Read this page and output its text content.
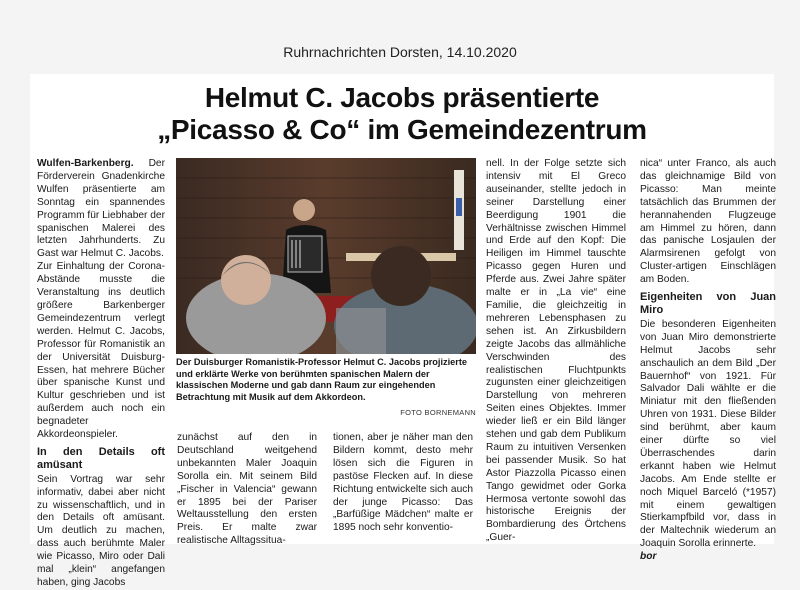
Ruhrnachrichten Dorsten, 14.10.2020
Helmut C. Jacobs präsentierte
„Picasso & Co“ im Gemeindezentrum

Wulfen-Barkenberg. Der Förderverein Gnadenkirche Wulfen präsentierte am Sonntag ein spannendes Programm für Liebhaber der spanischen Malerei des letzten Jahrhunderts. Zu Gast war Helmut C. Jacobs.

Zur Einhaltung der Corona-Abstände musste die Veranstaltung ins deutlich größere Barkenberger Gemeindezentrum verlegt werden. Helmut C. Jacobs, Professor für Romanistik an der Universität Duisburg-Essen, hat mehrere Bücher über spanische Kunst und Kultur geschrieben und ist außerdem auch noch ein begnadeter Akkordeonspieler.

In den Details oft amüsant

Sein Vortrag war sehr informativ, dabei aber nicht zu wissenschaftlich, und in den Details oft amüsant. Um deutlich zu machen, dass auch berühmte Maler wie Picasso, Miro oder Dali mal „klein“ angefangen haben, ging Jacobs

Der Duisburger Romanistik-Professor Helmut C. Jacobs projizierte und erklärte Werke von berühmten spanischen Malern der klassischen Moderne und gab dann Raum zur eingehenden Betrachtung mit Musik auf dem Akkordeon.
FOTO BORNEMANN
zunächst auf den in Deutschland weitgehend unbekannten Maler Joaquin Sorolla ein. Mit seinem Bild „Fischer in Valencia“ gewann er 1895 bei der Pariser Weltausstellung den ersten Preis. Er malte zwar realistische Alltagssitua-
tionen, aber je näher man den Bildern kommt, desto mehr lösen sich die Figuren in pastöse Flecken auf. In diese Richtung entwickelte sich auch der junge Picasso: Das „Barfüßige Mädchen“ malte er 1895 noch sehr konventio-
nell. In der Folge setzte sich intensiv mit El Greco auseinander, stellte jedoch in seiner Darstellung einer Beerdigung 1901 die Verhältnisse zwischen Himmel und Erde auf den Kopf: Die Heiligen im Himmel tauschte Picasso gegen Huren und Pferde aus. Zwei Jahre später malte er in „La vie“ eine Familie, die gleichzeitig in mehreren Lebensphasen zu sehen ist. An Zirkusbildern zeigte Jacobs das allmähliche Verschwinden des realistischen Fluchtpunkts zugunsten einer gleichzeitigen Darstellung von mehreren Seiten eines Objektes. Immer wieder ließ er ein Bild länger stehen und gab dem Publikum Raum zu intuitiven Versenken bei passender Musik. So hat Astor Piazzolla Picasso einen Tango gewidmet oder Gorka Hermosa vertonte sowohl das historische Ereignis der Bombardierung des Örtchens „Guer-

nica“ unter Franco, als auch das gleichnamige Bild von Picasso: Man meinte tatsächlich das Brummen der herannahenden Flugzeuge am Himmel zu hören, dann das panische Losjaulen der Alarmsirenen gefolgt von Cluster-artigen Einschlägen am Boden.

Eigenheiten von Juan Miro

Die besonderen Eigenheiten von Juan Miro demonstrierte Helmut Jacobs sehr anschaulich an dem Bild „Der Bauernhof“ von 1921. Für Salvador Dali wählte er die Miniatur mit den fließenden Uhren von 1931. Diese Bilder sind berühmt, aber kaum einer dürfte so viel Überraschendes darin erkannt haben wie Helmut Jacobs. Am Ende stellte er noch Miquel Barceló (*1957) mit einem gewaltigen Stierkampfbild vor, dass in der Maltechnik wiederum an Joaquin Sorolla erinnerte.

bor
